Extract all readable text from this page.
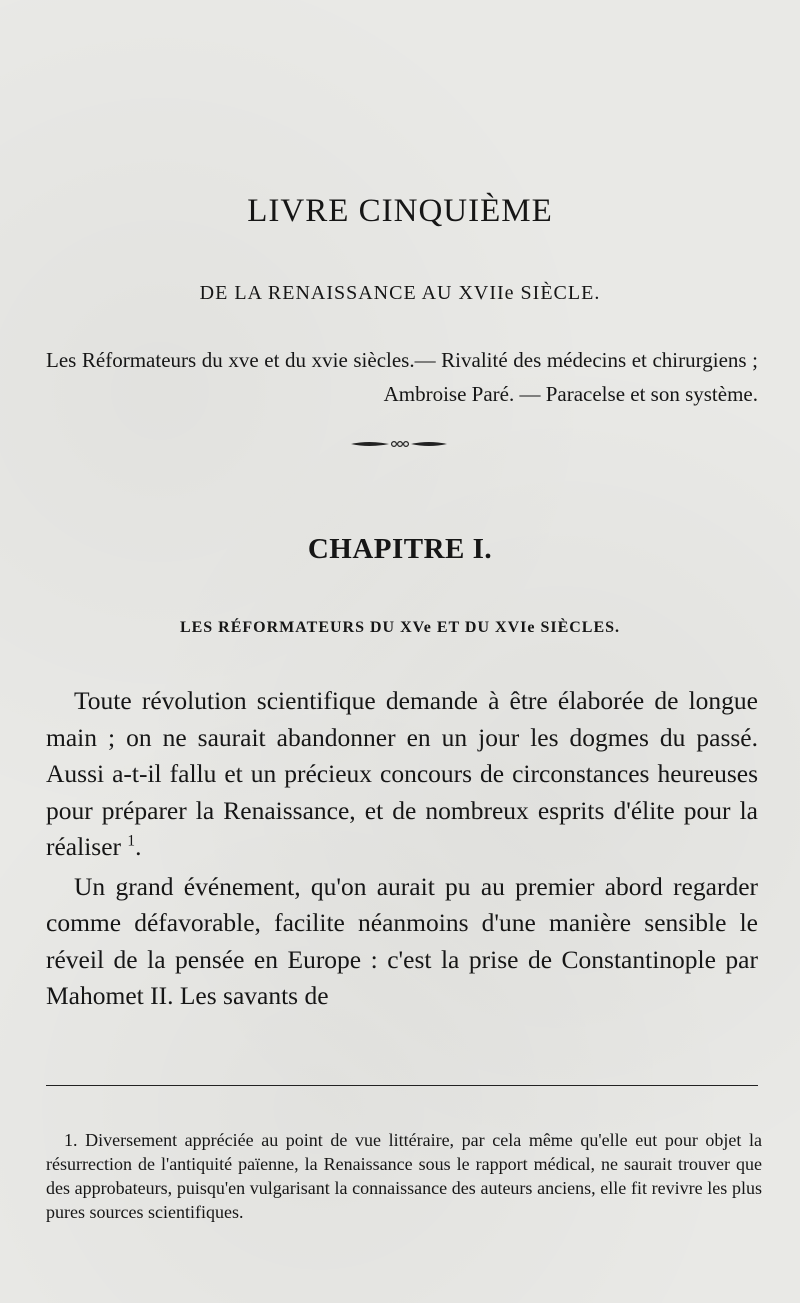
LIVRE CINQUIÈME
DE LA RENAISSANCE AU XVIIe SIÈCLE.

Les Réformateurs du xve et du xvie siècles.— Rivalité des médecins et chirurgiens ; Ambroise Paré. — Paracelse et son système.

CHAPITRE I.
LES RÉFORMATEURS DU XVe ET DU XVIe SIÈCLES.

Toute révolution scientifique demande à être élaborée de longue main ; on ne saurait abandonner en un jour les dogmes du passé. Aussi a-t-il fallu et un précieux concours de circonstances heureuses pour préparer la Renaissance, et de nombreux esprits d'élite pour la réaliser $^1$.

Un grand événement, qu'on aurait pu au premier abord regarder comme défavorable, facilite néanmoins d'une manière sensible le réveil de la pensée en Europe : c'est la prise de Constantinople par Mahomet II. Les savants de

1. Diversement appréciée au point de vue littéraire, par cela même qu'elle eut pour objet la résurrection de l'antiquité païenne, la Renaissance sous le rapport médical, ne saurait trouver que des approbateurs, puisqu'en vulgarisant la connaissance des auteurs anciens, elle fit revivre les plus pures sources scientifiques.
